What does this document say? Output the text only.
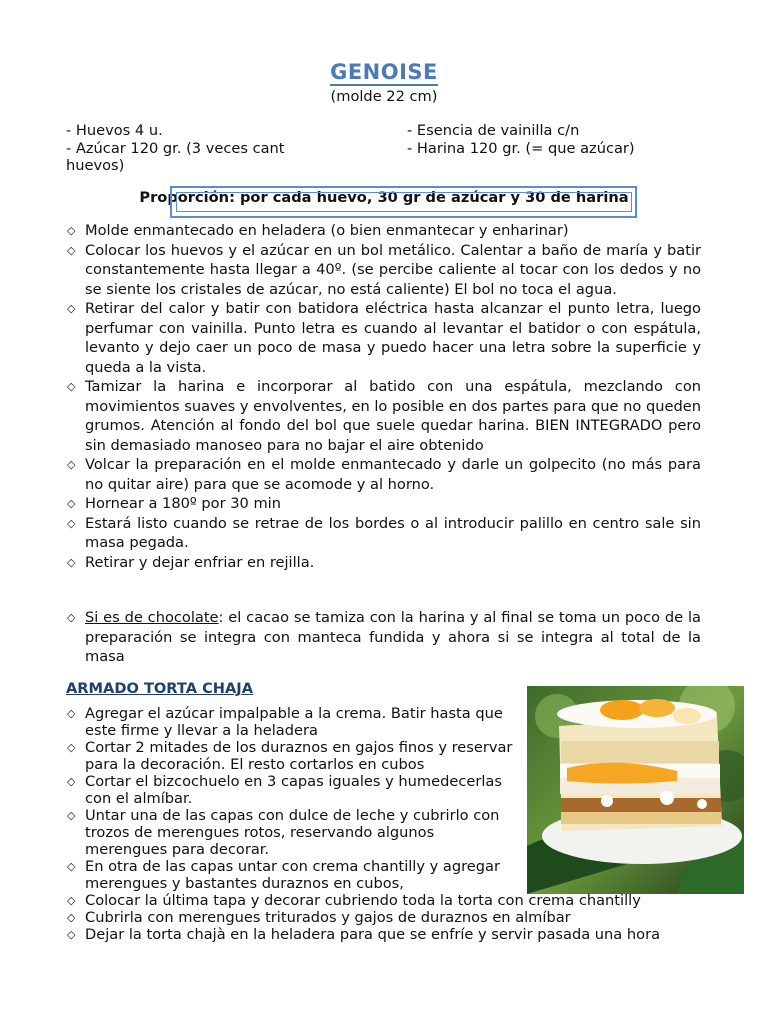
GENOISE
(molde 22 cm)
- Huevos 4 u.
- Azúcar 120 gr. (3 veces cant huevos)
- Esencia de vainilla c/n
- Harina 120 gr. (= que azúcar)
Proporción: por cada huevo, 30 gr de azúcar y 30 de harina
◇ Molde enmantecado en heladera (o bien enmantecar y enharinar)
◇ Colocar los huevos y el azúcar en un bol metálico. Calentar a baño de maría y batir constantemente hasta llegar a 40º. (se percibe caliente al tocar con los dedos y no se siente los cristales de azúcar, no está caliente) El bol no toca el agua.
◇ Retirar del calor y batir con batidora eléctrica hasta alcanzar el punto letra, luego perfumar con vainilla. Punto letra es cuando al levantar el batidor o con espátula, levanto y dejo caer un poco de masa y puedo hacer una letra sobre la superficie y queda a la vista.
◇ Tamizar la harina e incorporar al batido con una espátula, mezclando con movimientos suaves y envolventes, en lo posible en dos partes para que no queden grumos. Atención al fondo del bol que suele quedar harina. BIEN INTEGRADO pero sin demasiado manoseo para no bajar el aire obtenido
◇ Volcar la preparación en el molde enmantecado y darle un golpecito (no más para no quitar aire) para que se acomode y al horno.
◇ Hornear a 180º por 30 min
◇ Estará listo cuando se retrae de los bordes o al introducir palillo en centro sale sin masa pegada.
◇ Retirar y dejar enfriar en rejilla.
◇ Si es de chocolate: el cacao se tamiza con la harina y al final se toma un poco de la preparación se integra con manteca fundida y ahora si se integra al total de la masa
ARMADO TORTA CHAJA
◇ Agregar el azúcar impalpable a la crema. Batir hasta que este firme y llevar a la heladera
◇ Cortar 2 mitades de los duraznos en gajos finos y reservar para la decoración. El resto cortarlos en cubos
◇ Cortar el bizcochuelo en 3 capas iguales y humedecerlas con el almíbar.
◇ Untar una de las capas con dulce de leche y cubrirlo con trozos de merengues rotos, reservando algunos merengues para decorar.
◇ En otra de las capas untar con crema chantilly y agregar merengues y bastantes duraznos en cubos,
◇ Colocar la última tapa y decorar cubriendo toda la torta con crema chantilly
◇ Cubrirla con merengues triturados y gajos de duraznos en almíbar
◇ Dejar la torta chajà en la heladera para que se enfríe y servir pasada una hora
